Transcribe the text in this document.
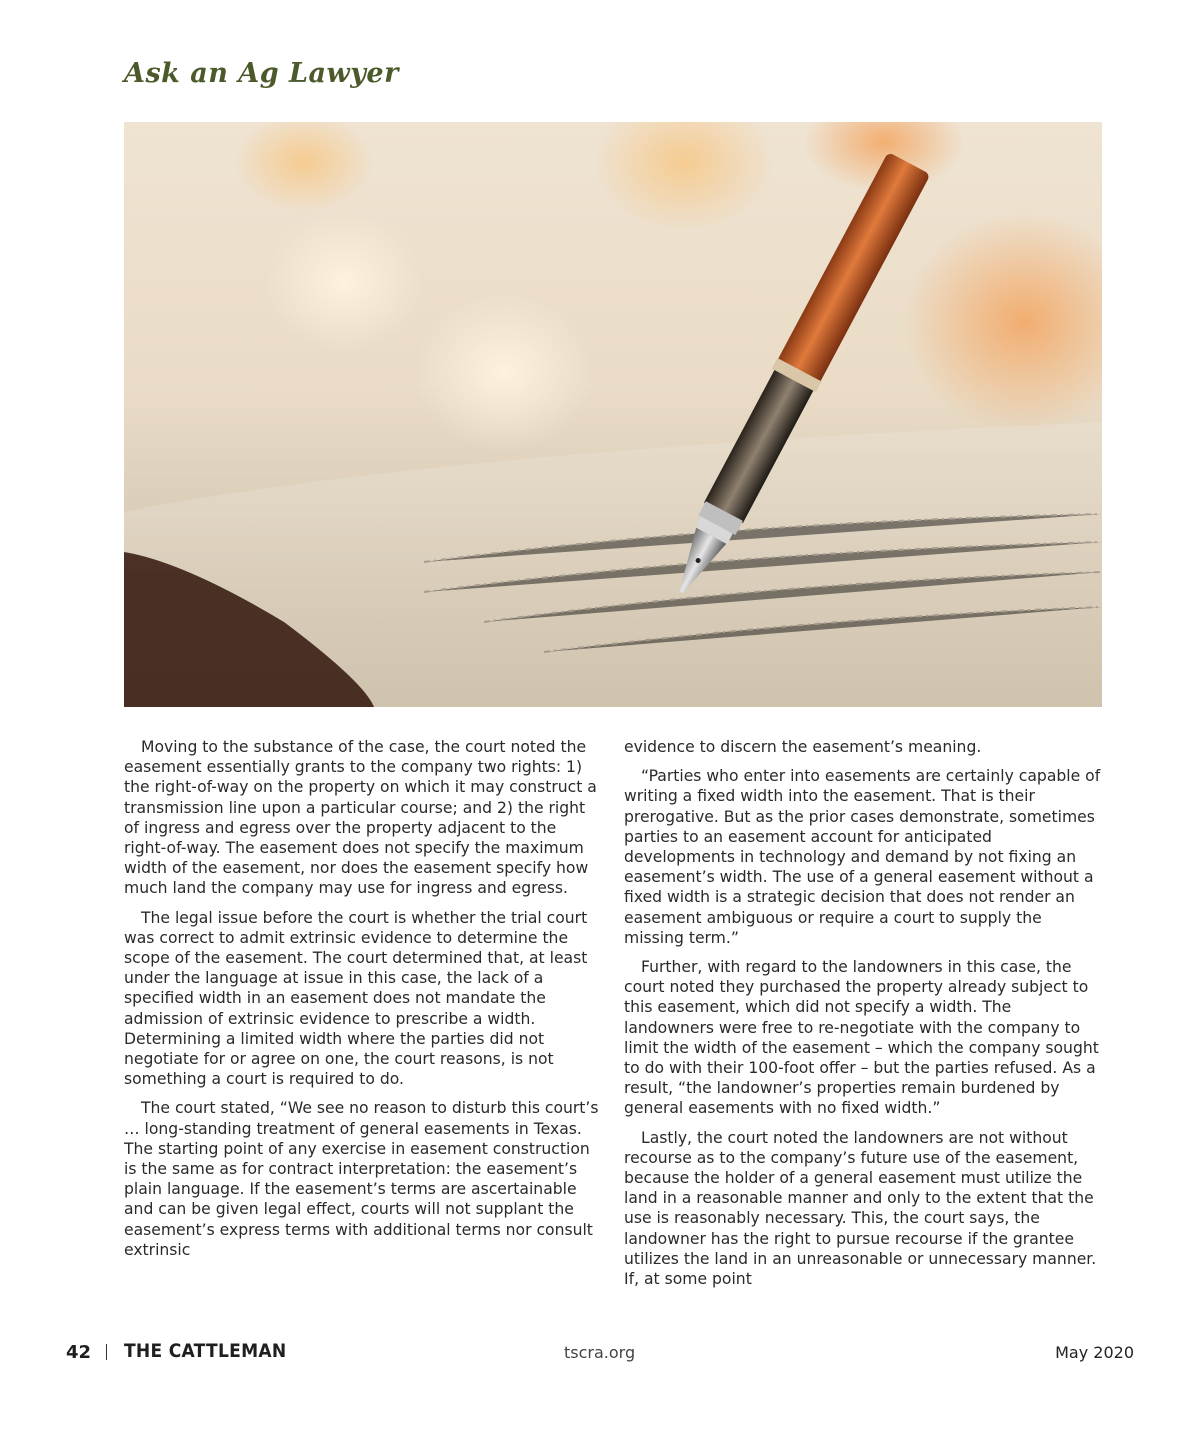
Ask an Ag Lawyer

Moving to the substance of the case, the court noted the easement essentially grants to the company two rights: 1) the right-of-way on the property on which it may construct a transmission line upon a particular course; and 2) the right of ingress and egress over the property adjacent to the right-of-way. The easement does not specify the maximum width of the easement, nor does the easement specify how much land the company may use for ingress and egress.

The legal issue before the court is whether the trial court was correct to admit extrinsic evidence to determine the scope of the easement. The court determined that, at least under the language at issue in this case, the lack of a specified width in an easement does not mandate the admission of extrinsic evidence to prescribe a width. Determining a limited width where the parties did not negotiate for or agree on one, the court reasons, is not something a court is required to do.

The court stated, “We see no reason to disturb this court’s … long-standing treatment of general easements in Texas. The starting point of any exercise in easement construction is the same as for contract interpretation: the easement’s plain language. If the easement’s terms are ascertainable and can be given legal effect, courts will not supplant the easement’s express terms with additional terms nor consult extrinsic

evidence to discern the easement’s meaning.

“Parties who enter into easements are certainly capable of writing a fixed width into the easement. That is their prerogative. But as the prior cases demonstrate, sometimes parties to an easement account for anticipated developments in technology and demand by not fixing an easement’s width. The use of a general easement without a fixed width is a strategic decision that does not render an easement ambiguous or require a court to supply the missing term.”

Further, with regard to the landowners in this case, the court noted they purchased the property already subject to this easement, which did not specify a width. The landowners were free to re-negotiate with the company to limit the width of the easement – which the company sought to do with their 100-foot offer – but the parties refused. As a result, “the landowner’s properties remain burdened by general easements with no fixed width.”

Lastly, the court noted the landowners are not without recourse as to the company’s future use of the easement, because the holder of a general easement must utilize the land in a reasonable manner and only to the extent that the use is reasonably necessary. This, the court says, the landowner has the right to pursue recourse if the grantee utilizes the land in an unreasonable or unnecessary manner. If, at some point

42 THE CATTLEMAN	tscra.org	May 2020
